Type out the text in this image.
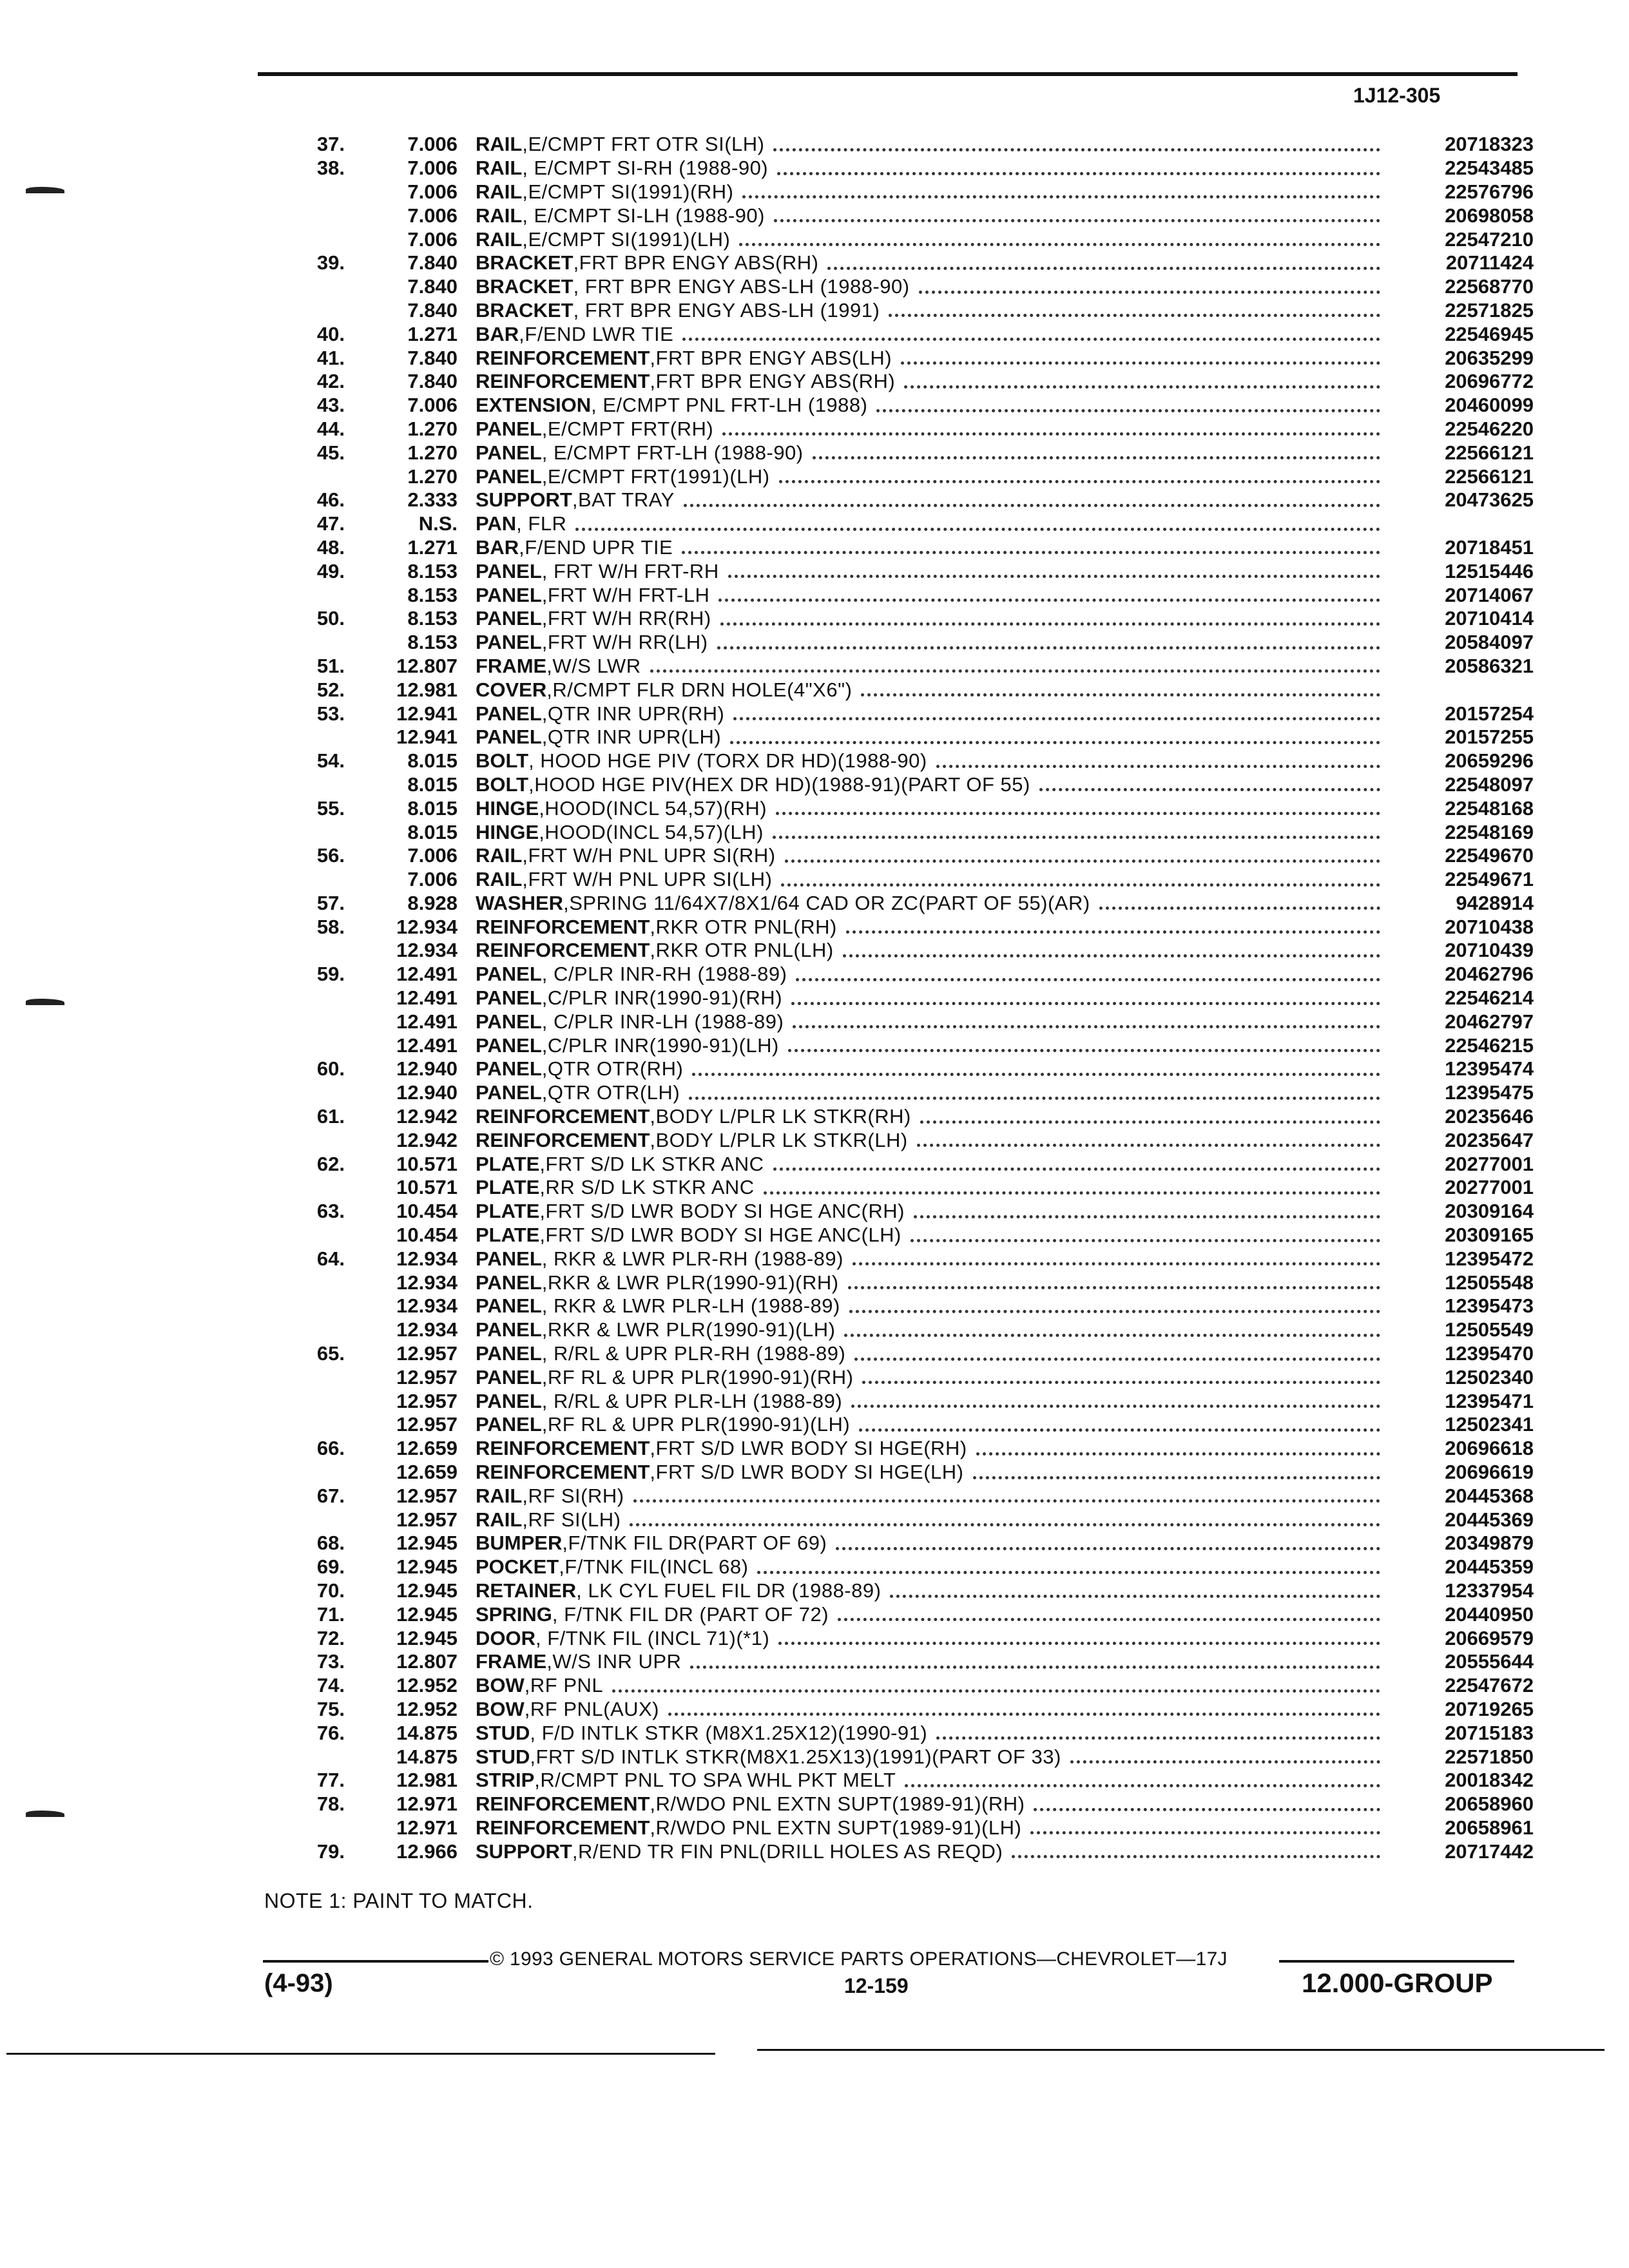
1J12-305
37.	7.006 RAIL ,E/CMPT FRT OTR SI(LH)	20718323
38.	7.006 RAIL , E/CMPT SI-RH (1988-90)	22543485
7.006 RAIL ,E/CMPT SI(1991)(RH)	22576796
7.006 RAIL , E/CMPT SI-LH (1988-90)	20698058
7.006 RAIL ,E/CMPT SI(1991)(LH)	22547210
39.	7.840 BRACKET ,FRT BPR ENGY ABS(RH)	20711424
7.840 BRACKET , FRT BPR ENGY ABS-LH (1988-90)	22568770
7.840 BRACKET , FRT BPR ENGY ABS-LH (1991)	22571825
40.	1.271 BAR ,F/END LWR TIE	22546945
41.	7.840 REINFORCEMENT ,FRT BPR ENGY ABS(LH)	20635299
42.	7.840 REINFORCEMENT ,FRT BPR ENGY ABS(RH)	20696772
43.	7.006 EXTENSION , E/CMPT PNL FRT-LH (1988)	20460099
44.	1.270 PANEL ,E/CMPT FRT(RH)	22546220
45.	1.270 PANEL , E/CMPT FRT-LH (1988-90)	22566121
1.270 PANEL ,E/CMPT FRT(1991)(LH)	22566121
46.	2.333 SUPPORT ,BAT TRAY	20473625
47.	N.S. PAN , FLR
48.	1.271 BAR ,F/END UPR TIE	20718451
49.	8.153 PANEL , FRT W/H FRT-RH	12515446
8.153 PANEL ,FRT W/H FRT-LH	20714067
50.	8.153 PANEL ,FRT W/H RR(RH)	20710414
8.153 PANEL ,FRT W/H RR(LH)	20584097
51.	12.807 FRAME ,W/S LWR	20586321
52.	12.981 COVER ,R/CMPT FLR DRN HOLE(4"X6")
53.	12.941 PANEL ,QTR INR UPR(RH)	20157254
12.941 PANEL ,QTR INR UPR(LH)	20157255
54.	8.015 BOLT , HOOD HGE PIV (TORX DR HD)(1988-90)	20659296
8.015 BOLT ,HOOD HGE PIV(HEX DR HD)(1988-91)(PART OF 55)	22548097
55.	8.015 HINGE ,HOOD(INCL 54,57)(RH)	22548168
8.015 HINGE ,HOOD(INCL 54,57)(LH)	22548169
56.	7.006 RAIL ,FRT W/H PNL UPR SI(RH)	22549670
7.006 RAIL ,FRT W/H PNL UPR SI(LH)	22549671
57.	8.928 WASHER ,SPRING 11/64X7/8X1/64 CAD OR ZC(PART OF 55)(AR)	9428914
58.	12.934 REINFORCEMENT ,RKR OTR PNL(RH)	20710438
12.934 REINFORCEMENT ,RKR OTR PNL(LH)	20710439
59.	12.491 PANEL , C/PLR INR-RH (1988-89)	20462796
12.491 PANEL ,C/PLR INR(1990-91)(RH)	22546214
12.491 PANEL , C/PLR INR-LH (1988-89)	20462797
12.491 PANEL ,C/PLR INR(1990-91)(LH)	22546215
60.	12.940 PANEL ,QTR OTR(RH)	12395474
12.940 PANEL ,QTR OTR(LH)	12395475
61.	12.942 REINFORCEMENT ,BODY L/PLR LK STKR(RH)	20235646
12.942 REINFORCEMENT ,BODY L/PLR LK STKR(LH)	20235647
62.	10.571 PLATE ,FRT S/D LK STKR ANC	20277001
10.571 PLATE ,RR S/D LK STKR ANC	20277001
63.	10.454 PLATE ,FRT S/D LWR BODY SI HGE ANC(RH)	20309164
10.454 PLATE ,FRT S/D LWR BODY SI HGE ANC(LH)	20309165
64.	12.934 PANEL , RKR & LWR PLR-RH (1988-89)	12395472
12.934 PANEL ,RKR & LWR PLR(1990-91)(RH)	12505548
12.934 PANEL , RKR & LWR PLR-LH (1988-89)	12395473
12.934 PANEL ,RKR & LWR PLR(1990-91)(LH)	12505549
65.	12.957 PANEL , R/RL & UPR PLR-RH (1988-89)	12395470
12.957 PANEL ,RF RL & UPR PLR(1990-91)(RH)	12502340
12.957 PANEL , R/RL & UPR PLR-LH (1988-89)	12395471
12.957 PANEL ,RF RL & UPR PLR(1990-91)(LH)	12502341
66.	12.659 REINFORCEMENT ,FRT S/D LWR BODY SI HGE(RH)	20696618
12.659 REINFORCEMENT ,FRT S/D LWR BODY SI HGE(LH)	20696619
67.	12.957 RAIL ,RF SI(RH)	20445368
12.957 RAIL ,RF SI(LH)	20445369
68.	12.945 BUMPER ,F/TNK FIL DR(PART OF 69)	20349879
69.	12.945 POCKET ,F/TNK FIL(INCL 68)	20445359
70.	12.945 RETAINER , LK CYL FUEL FIL DR (1988-89)	12337954
71.	12.945 SPRING , F/TNK FIL DR (PART OF 72)	20440950
72.	12.945 DOOR , F/TNK FIL (INCL 71)(*1)	20669579
73.	12.807 FRAME ,W/S INR UPR	20555644
74.	12.952 BOW ,RF PNL	22547672
75.	12.952 BOW ,RF PNL(AUX)	20719265
76.	14.875 STUD , F/D INTLK STKR (M8X1.25X12)(1990-91)	20715183
14.875 STUD ,FRT S/D INTLK STKR(M8X1.25X13)(1991)(PART OF 33)	22571850
77.	12.981 STRIP ,R/CMPT PNL TO SPA WHL PKT MELT	20018342
78.	12.971 REINFORCEMENT ,R/WDO PNL EXTN SUPT(1989-91)(RH)	20658960
12.971 REINFORCEMENT ,R/WDO PNL EXTN SUPT(1989-91)(LH)	20658961
79.	12.966 SUPPORT ,R/END TR FIN PNL(DRILL HOLES AS REQD)	20717442
NOTE 1: PAINT TO MATCH.
© 1993 GENERAL MOTORS SERVICE PARTS OPERATIONS—CHEVROLET—17J
(4-93)	12-159	12.000-GROUP
